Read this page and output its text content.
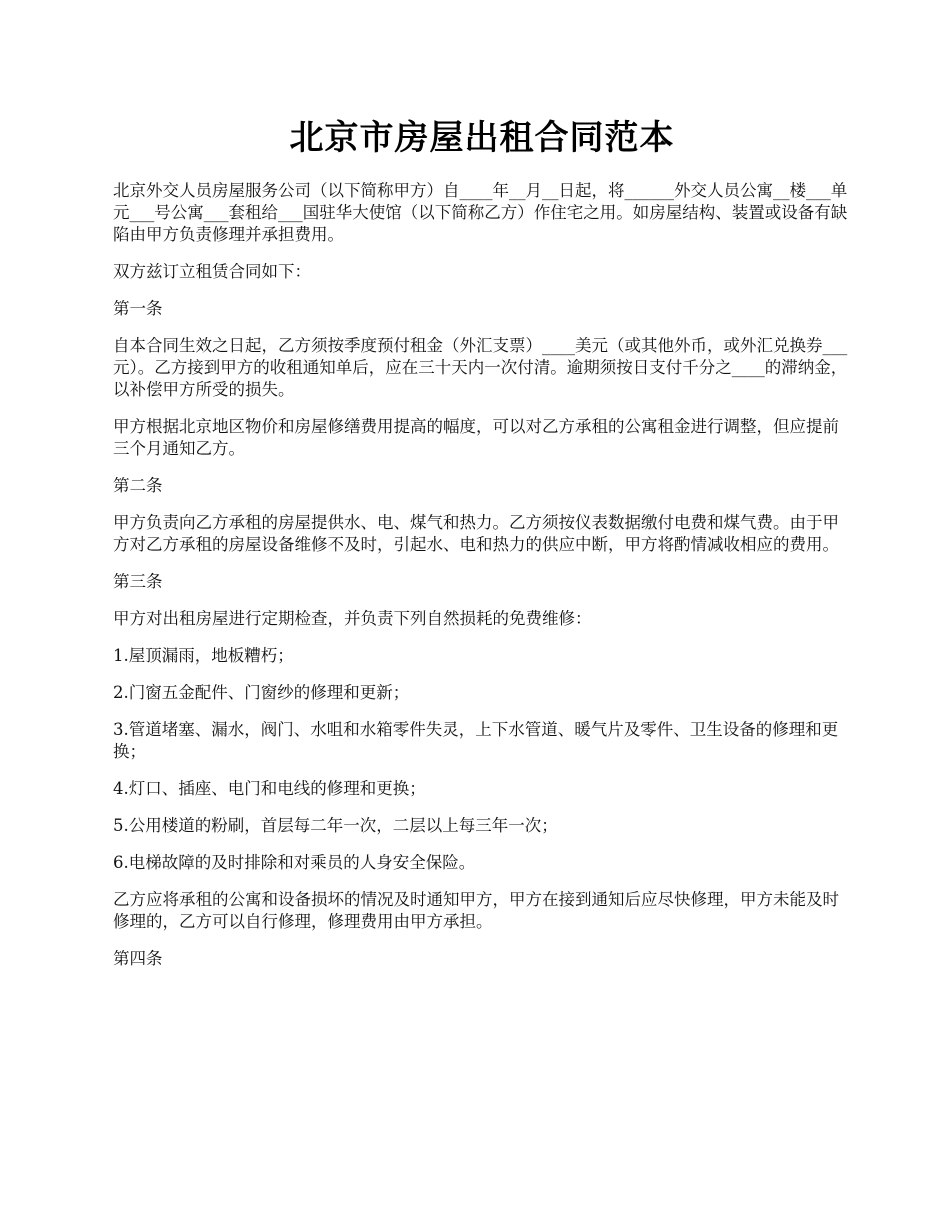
北京市房屋出租合同范本

北京外交人员房屋服务公司（以下简称甲方）自____年__月__日起，将______外交人员公寓__楼___单元___号公寓___套租给___国驻华大使馆（以下简称乙方）作住宅之用。如房屋结构、装置或设备有缺陷由甲方负责修理并承担费用。

双方兹订立租赁合同如下：

第一条

自本合同生效之日起，乙方须按季度预付租金（外汇支票）____美元（或其他外币，或外汇兑换券___元）。乙方接到甲方的收租通知单后，应在三十天内一次付清。逾期须按日支付千分之____的滞纳金，以补偿甲方所受的损失。

甲方根据北京地区物价和房屋修缮费用提高的幅度，可以对乙方承租的公寓租金进行调整，但应提前三个月通知乙方。

第二条

甲方负责向乙方承租的房屋提供水、电、煤气和热力。乙方须按仪表数据缴付电费和煤气费。由于甲方对乙方承租的房屋设备维修不及时，引起水、电和热力的供应中断，甲方将酌情减收相应的费用。

第三条

甲方对出租房屋进行定期检查，并负责下列自然损耗的免费维修：

1.屋顶漏雨，地板糟朽；

2.门窗五金配件、门窗纱的修理和更新；

3.管道堵塞、漏水，阀门、水咀和水箱零件失灵，上下水管道、暖气片及零件、卫生设备的修理和更换；

4.灯口、插座、电门和电线的修理和更换；

5.公用楼道的粉刷，首层每二年一次，二层以上每三年一次；

6.电梯故障的及时排除和对乘员的人身安全保险。

乙方应将承租的公寓和设备损坏的情况及时通知甲方，甲方在接到通知后应尽快修理，甲方未能及时修理的，乙方可以自行修理，修理费用由甲方承担。

第四条
